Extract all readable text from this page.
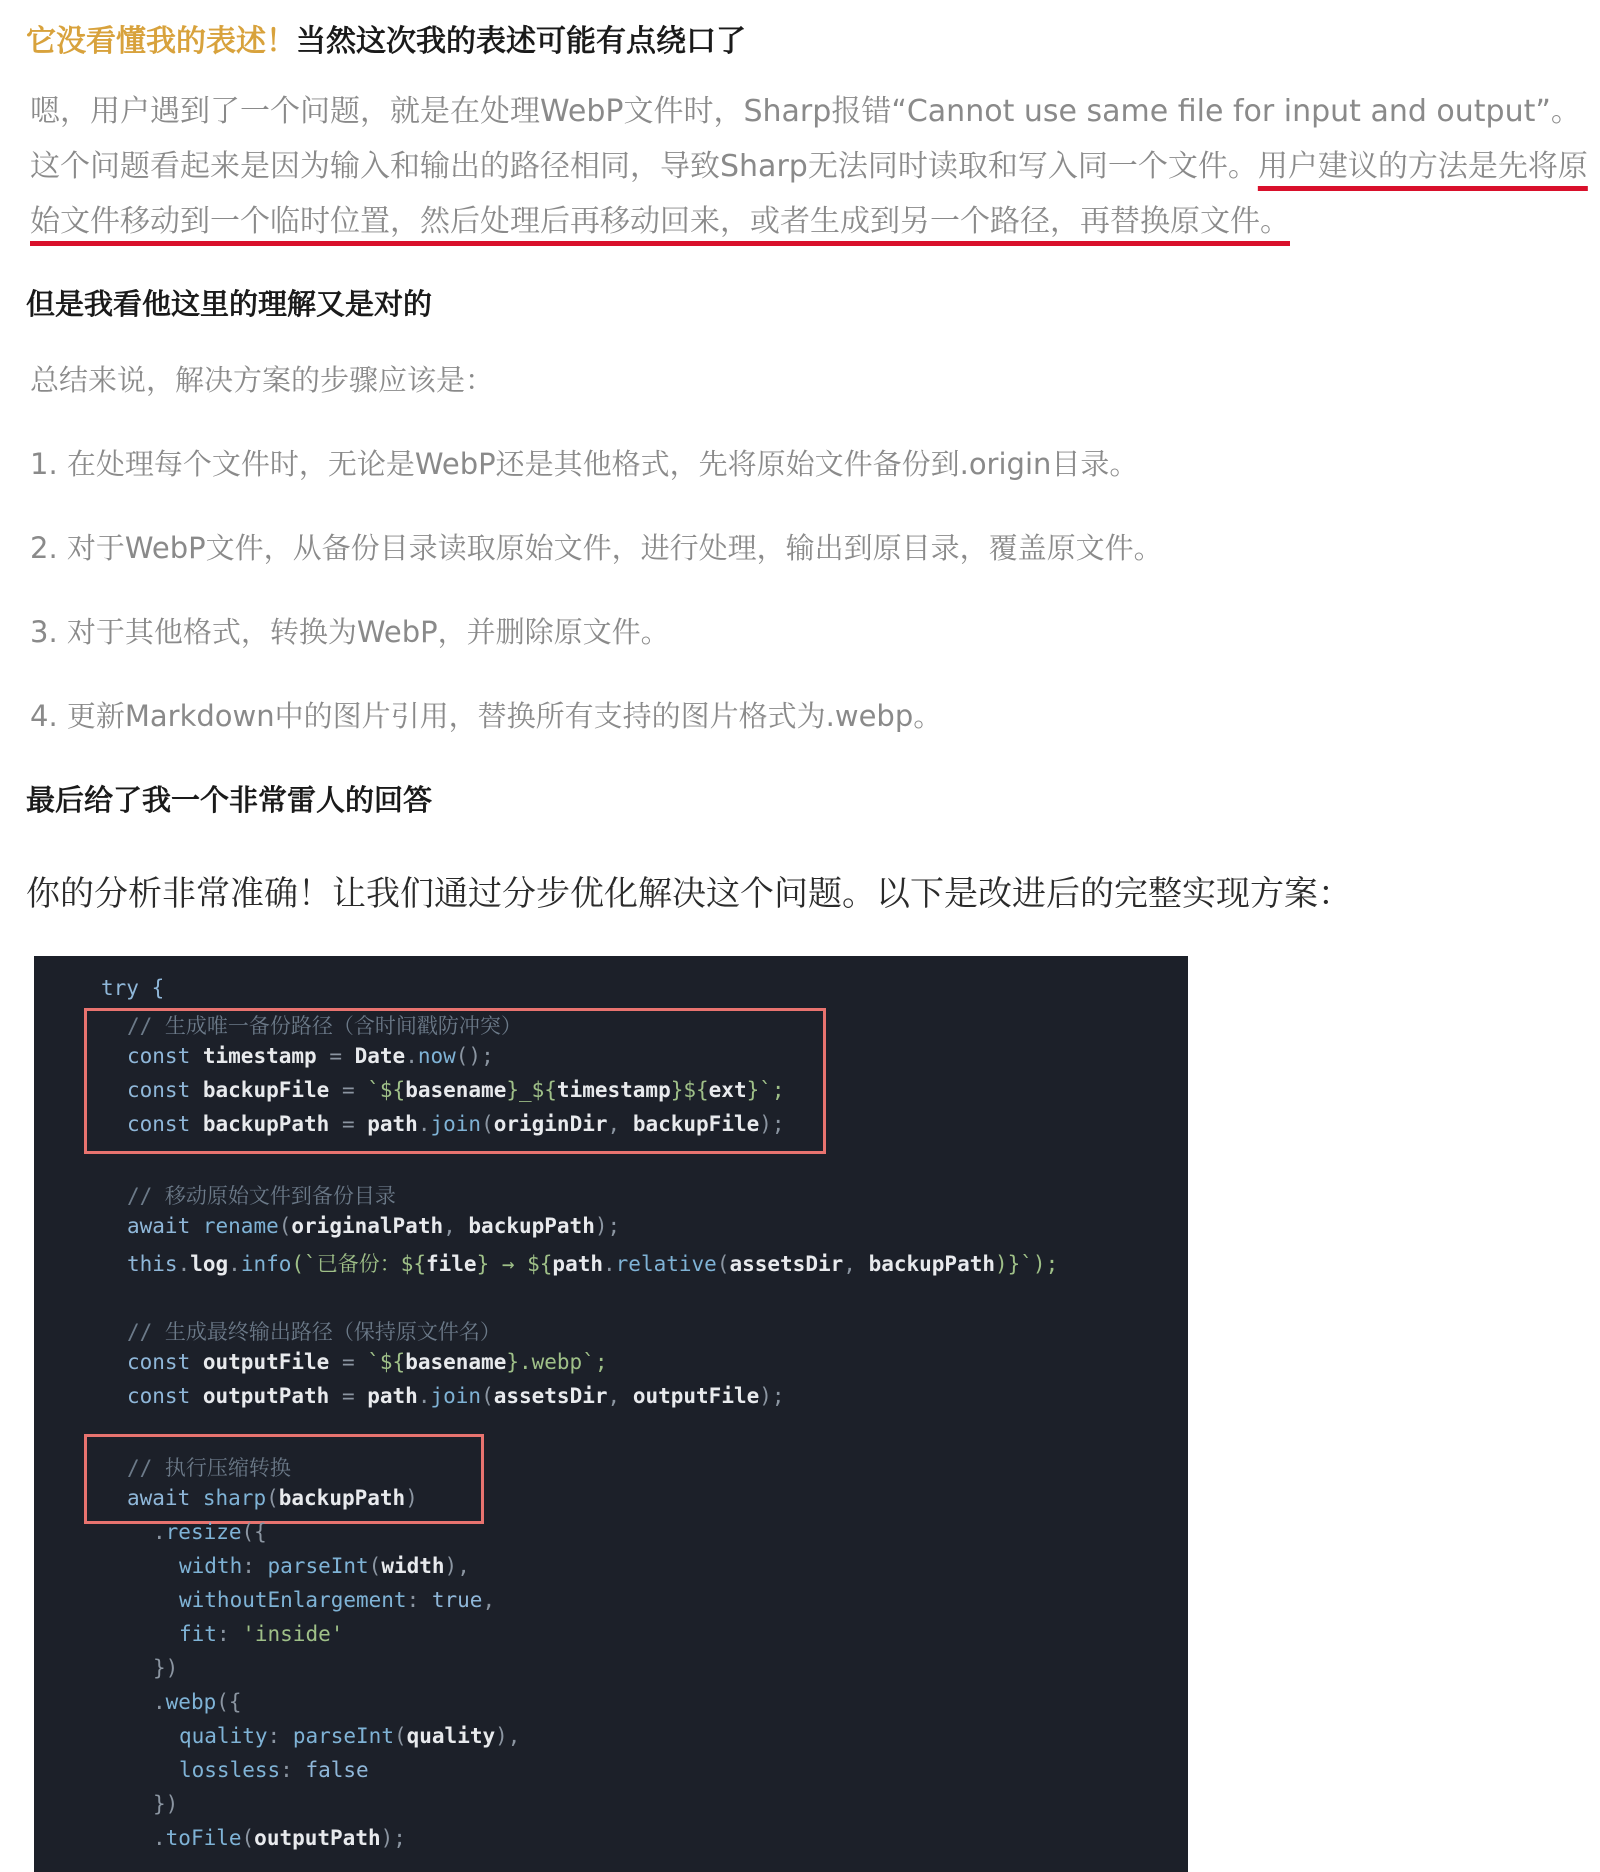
它没看懂我的表述！当然这次我的表述可能有点绕口了
嗯，用户遇到了一个问题，就是在处理WebP文件时，Sharp报错“Cannot use same file for input and output”。这个问题看起来是因为输入和输出的路径相同，导致Sharp无法同时读取和写入同一个文件。用户建议的方法是先将原始文件移动到一个临时位置，然后处理后再移动回来，或者生成到另一个路径，再替换原文件。
但是我看他这里的理解又是对的
总结来说，解决方案的步骤应该是：
1. 在处理每个文件时，无论是WebP还是其他格式，先将原始文件备份到.origin目录。
2. 对于WebP文件，从备份目录读取原始文件，进行处理，输出到原目录，覆盖原文件。
3. 对于其他格式，转换为WebP，并删除原文件。
4. 更新Markdown中的图片引用，替换所有支持的图片格式为.webp。
最后给了我一个非常雷人的回答
你的分析非常准确！让我们通过分步优化解决这个问题。以下是改进后的完整实现方案：
try {
// 生成唯一备份路径（含时间戳防冲突）
const timestamp = Date.now();
const backupFile = `${basename}_${timestamp}${ext}`;
const backupPath = path.join(originDir, backupFile);
// 移动原始文件到备份目录
await rename(originalPath, backupPath);
this.log.info(`已备份：${file} → ${path.relative(assetsDir, backupPath)}`);
// 生成最终输出路径（保持原文件名）
const outputFile = `${basename}.webp`;
const outputPath = path.join(assetsDir, outputFile);
// 执行压缩转换
await sharp(backupPath)
.resize({
width: parseInt(width),
withoutEnlargement: true,
fit: 'inside'
})
.webp({
quality: parseInt(quality),
lossless: false
})
.toFile(outputPath);
